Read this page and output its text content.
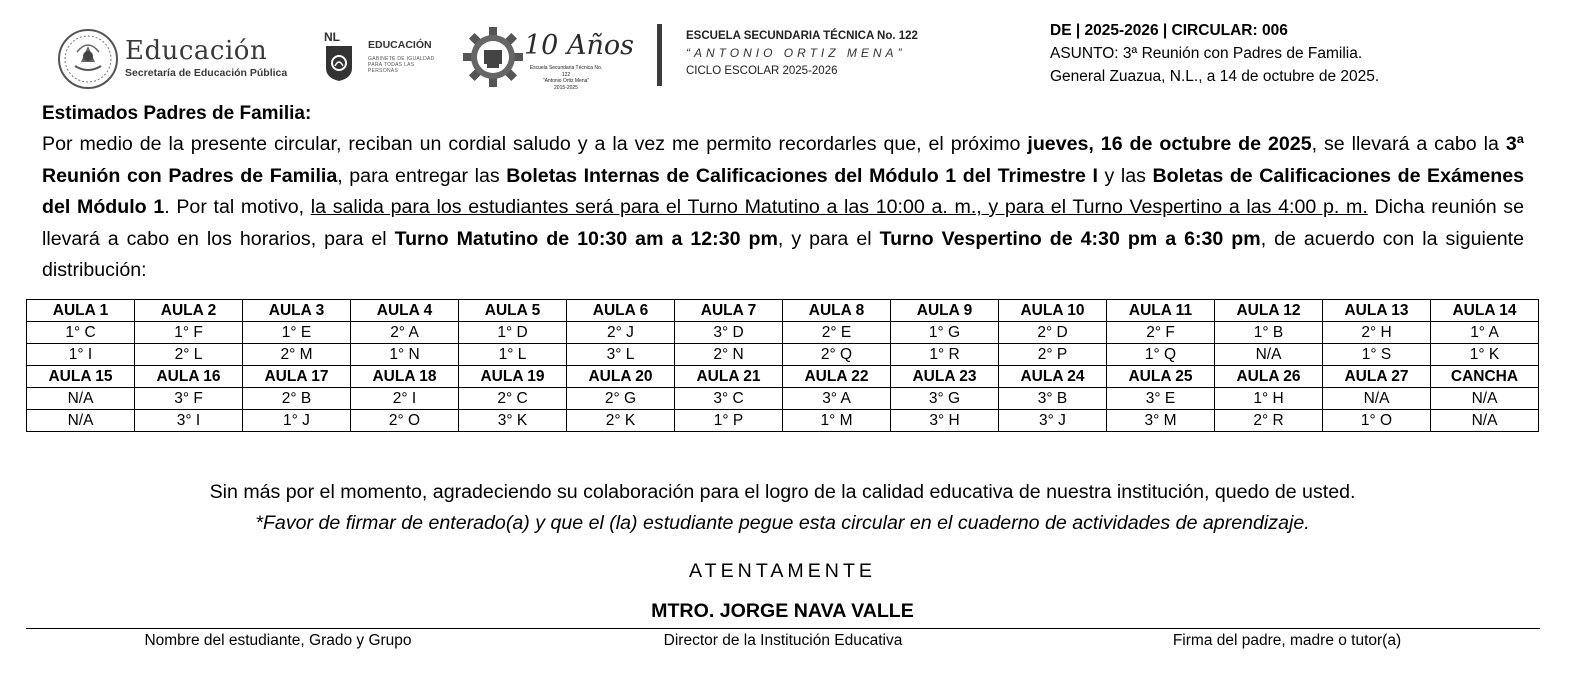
Educación
Secretaría de Educación Pública
NL
EDUCACIÓN
GABINETE DE IGUALDAD PARA TODAS LAS PERSONAS
10 Años
Escuela Secundaria Técnica No. 122
"Antonio Ortiz Mena"
2015-2025
ESCUELA SECUNDARIA TÉCNICA No. 122
“ANTONIO ORTIZ MENA”
CICLO ESCOLAR 2025-2026
DE | 2025-2026 | CIRCULAR: 006
ASUNTO: 3ª Reunión con Padres de Familia.
General Zuazua, N.L., a 14 de octubre de 2025.
Estimados Padres de Familia:
Por medio de la presente circular, reciban un cordial saludo y a la vez me permito recordarles que, el próximo jueves, 16 de octubre de 2025, se llevará a cabo la 3ª Reunión con Padres de Familia, para entregar las Boletas Internas de Calificaciones del Módulo 1 del Trimestre I y las Boletas de Calificaciones de Exámenes del Módulo 1. Por tal motivo, la salida para los estudiantes será para el Turno Matutino a las 10:00 a. m., y para el Turno Vespertino a las 4:00 p. m. Dicha reunión se llevará a cabo en los horarios, para el Turno Matutino de 10:30 am a 12:30 pm, y para el Turno Vespertino de 4:30 pm a 6:30 pm, de acuerdo con la siguiente distribución:
AULA 1	AULA 2	AULA 3	AULA 4	AULA 5	AULA 6	AULA 7	AULA 8	AULA 9	AULA 10	AULA 11	AULA 12	AULA 13	AULA 14
1° C	1° F	1° E	2° A	1° D	2° J	3° D	2° E	1° G	2° D	2° F	1° B	2° H	1° A
1° I	2° L	2° M	1° N	1° L	3° L	2° N	2° Q	1° R	2° P	1° Q	N/A	1° S	1° K
AULA 15	AULA 16	AULA 17	AULA 18	AULA 19	AULA 20	AULA 21	AULA 22	AULA 23	AULA 24	AULA 25	AULA 26	AULA 27	CANCHA
N/A	3° F	2° B	2° I	2° C	2° G	3° C	3° A	3° G	3° B	3° E	1° H	N/A	N/A
N/A	3° I	1° J	2° O	3° K	2° K	1° P	1° M	3° H	3° J	3° M	2° R	1° O	N/A
Sin más por el momento, agradeciendo su colaboración para el logro de la calidad educativa de nuestra institución, quedo de usted.
*Favor de firmar de enterado(a) y que el (la) estudiante pegue esta circular en el cuaderno de actividades de aprendizaje.
ATENTAMENTE
MTRO. JORGE NAVA VALLE
Nombre del estudiante, Grado y Grupo	Director de la Institución Educativa	Firma del padre, madre o tutor(a)
